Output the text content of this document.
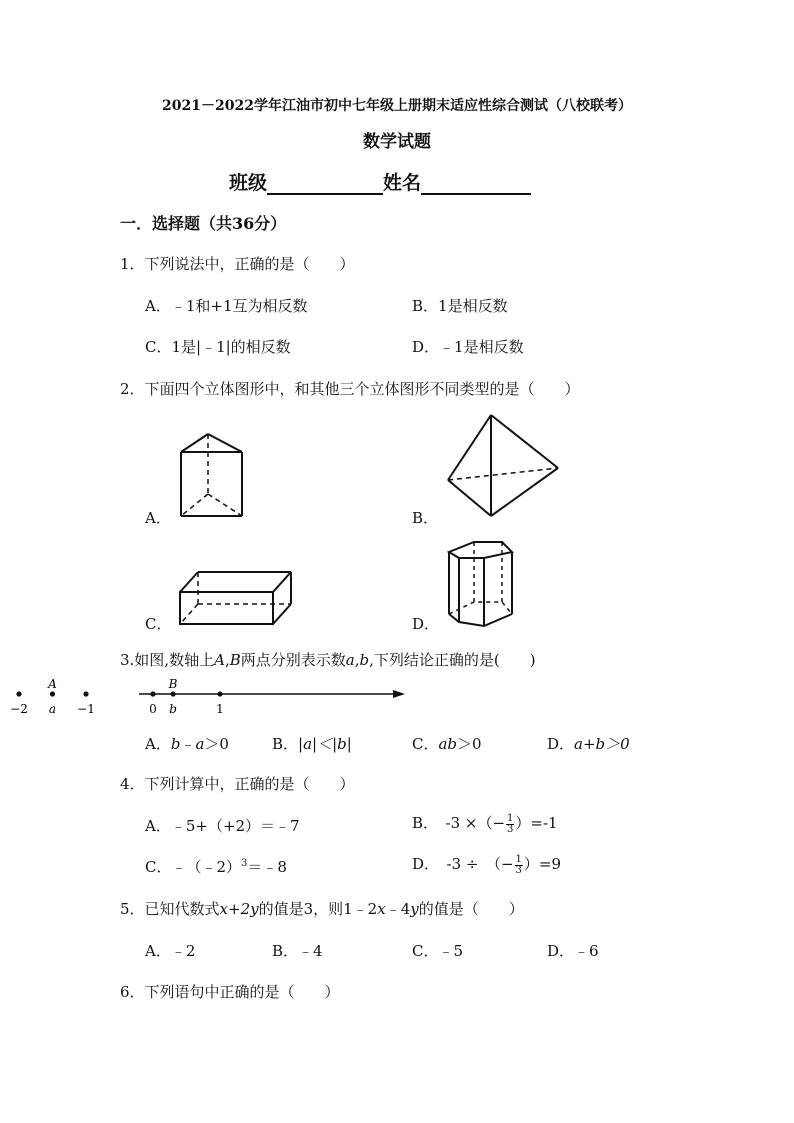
2021－2022学年江油市初中七年级上册期末适应性综合测试（八校联考）
数学试题
班级	姓名
一．选择题（共36分）
1．下列说法中，正确的是（　　）
A．﹣1和+1互为相反数	B．1是相反数
C．1是|﹣1|的相反数	D．﹣1是相反数
2．下面四个立体图形中，和其他三个立体图形不同类型的是（　　）
A．	B．
C．	D．
3.如图,数轴上A,B两点分别表示数a,b,下列结论正确的是(　　)
−2 a −1	0 b	1
A	B
A．b﹣a＞0	B．|a|＜|b|	C．ab＞0	D．a+b＞0
4．下列计算中，正确的是（　　）
A．﹣5+（+2）＝﹣7	B．　-3 ×（− $\frac{1}{3} )=-1$
C．﹣（﹣2）$^3$＝﹣8	D．　-3 ÷　（− $\frac{1}{3} )=9$
5．已知代数式x+2y的值是3，则1﹣2x﹣4y的值是（　　）
A．﹣2	B．﹣4	C．﹣5	D．﹣6
6．下列语句中正确的是（　　）
